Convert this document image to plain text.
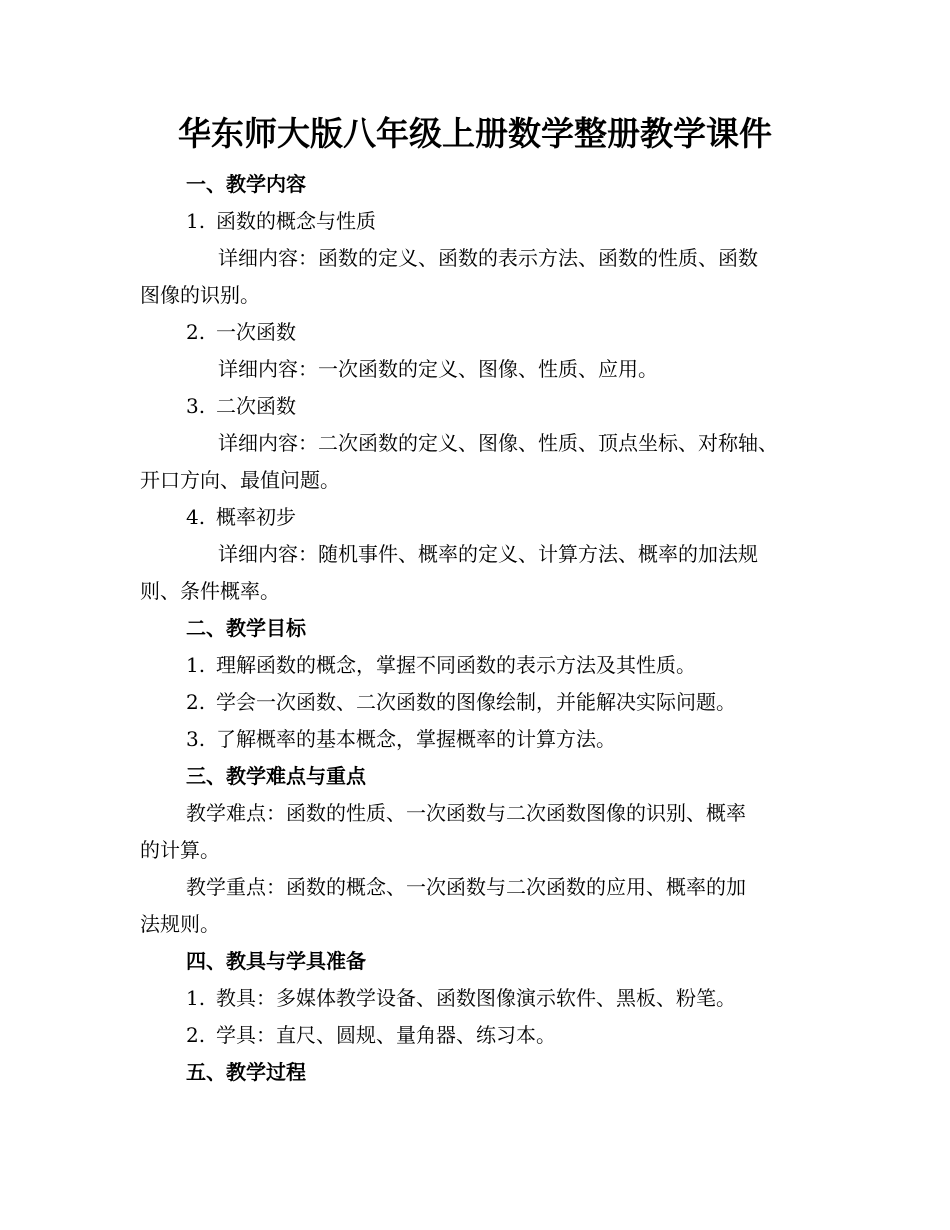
华东师大版八年级上册数学整册教学课件
一、教学内容
1. 函数的概念与性质
详细内容：函数的定义、函数的表示方法、函数的性质、函数
图像的识别。
2. 一次函数
详细内容：一次函数的定义、图像、性质、应用。
3. 二次函数
详细内容：二次函数的定义、图像、性质、顶点坐标、对称轴、
开口方向、最值问题。
4. 概率初步
详细内容：随机事件、概率的定义、计算方法、概率的加法规
则、条件概率。
二、教学目标
1. 理解函数的概念，掌握不同函数的表示方法及其性质。
2. 学会一次函数、二次函数的图像绘制，并能解决实际问题。
3. 了解概率的基本概念，掌握概率的计算方法。
三、教学难点与重点
教学难点：函数的性质、一次函数与二次函数图像的识别、概率
的计算。
教学重点：函数的概念、一次函数与二次函数的应用、概率的加
法规则。
四、教具与学具准备
1. 教具：多媒体教学设备、函数图像演示软件、黑板、粉笔。
2. 学具：直尺、圆规、量角器、练习本。
五、教学过程
